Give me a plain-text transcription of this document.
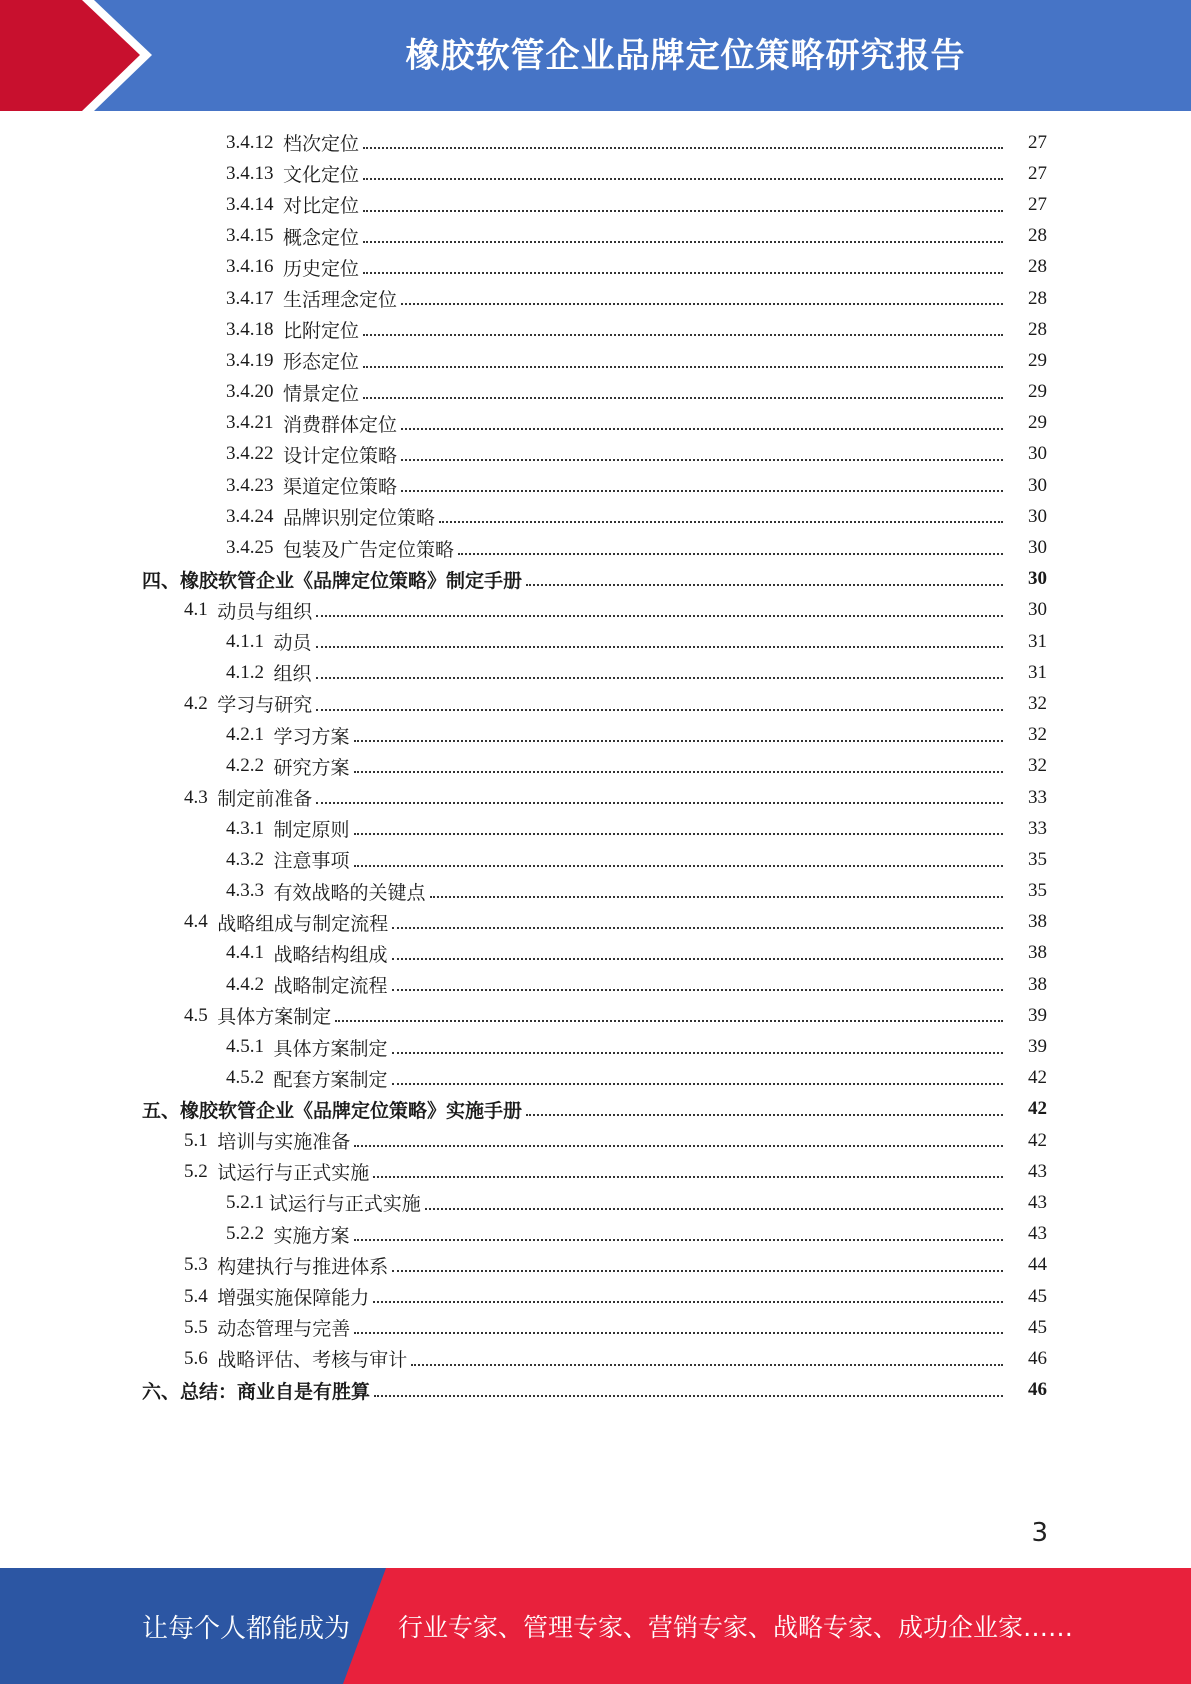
橡胶软管企业品牌定位策略研究报告
3.4.12 档次定位	27
3.4.13 文化定位	27
3.4.14 对比定位	27
3.4.15 概念定位	28
3.4.16 历史定位	28
3.4.17 生活理念定位	28
3.4.18 比附定位	28
3.4.19 形态定位	29
3.4.20 情景定位	29
3.4.21 消费群体定位	29
3.4.22 设计定位策略	30
3.4.23 渠道定位策略	30
3.4.24 品牌识别定位策略	30
3.4.25 包装及广告定位策略	30
四、橡胶软管企业《品牌定位策略》制定手册	30
4.1 动员与组织	30
4.1.1 动员	31
4.1.2 组织	31
4.2 学习与研究	32
4.2.1 学习方案	32
4.2.2 研究方案	32
4.3 制定前准备	33
4.3.1 制定原则	33
4.3.2 注意事项	35
4.3.3 有效战略的关键点	35
4.4 战略组成与制定流程	38
4.4.1 战略结构组成	38
4.4.2 战略制定流程	38
4.5 具体方案制定	39
4.5.1 具体方案制定	39
4.5.2 配套方案制定	42
五、橡胶软管企业《品牌定位策略》实施手册	42
5.1 培训与实施准备	42
5.2 试运行与正式实施	43
5.2.1 试运行与正式实施	43
5.2.2 实施方案	43
5.3 构建执行与推进体系	44
5.4 增强实施保障能力	45
5.5 动态管理与完善	45
5.6 战略评估、考核与审计	46
六、总结：商业自是有胜算	46
3
让每个人都能成为 行业专家、管理专家、营销专家、战略专家、成功企业家……
